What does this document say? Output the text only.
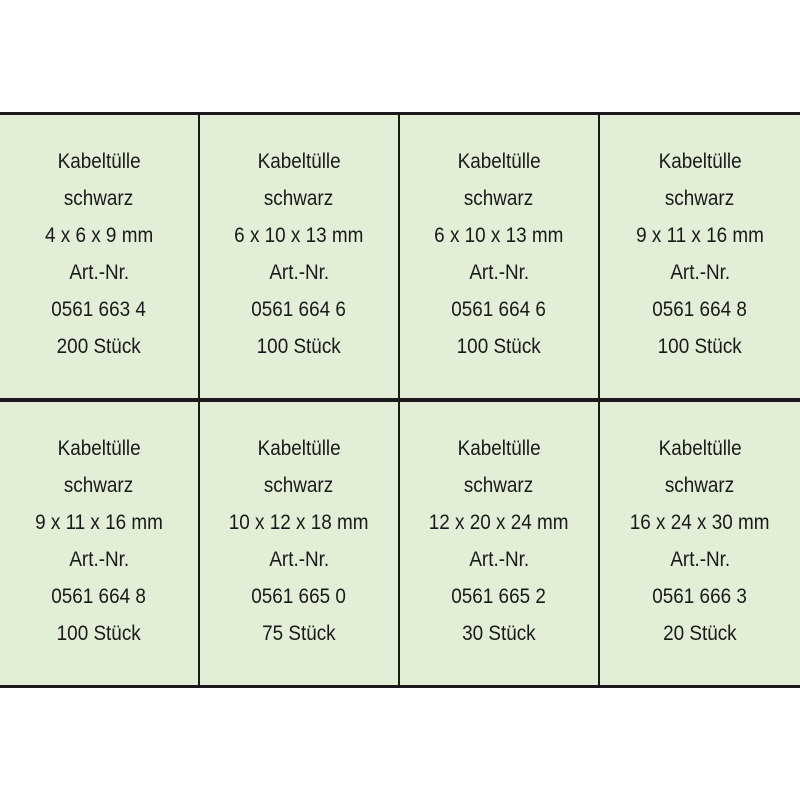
Kabeltülle
schwarz
4 x 6 x 9 mm
Art.-Nr.
0561 663 4
200 Stück
Kabeltülle
schwarz
6 x 10 x 13 mm
Art.-Nr.
0561 664 6
100 Stück
Kabeltülle
schwarz
6 x 10 x 13 mm
Art.-Nr.
0561 664 6
100 Stück
Kabeltülle
schwarz
9 x 11 x 16 mm
Art.-Nr.
0561 664 8
100 Stück
Kabeltülle
schwarz
9 x 11 x 16 mm
Art.-Nr.
0561 664 8
100 Stück
Kabeltülle
schwarz
10 x 12 x 18 mm
Art.-Nr.
0561 665 0
75 Stück
Kabeltülle
schwarz
12 x 20 x 24 mm
Art.-Nr.
0561 665 2
30 Stück
Kabeltülle
schwarz
16 x 24 x 30 mm
Art.-Nr.
0561 666 3
20 Stück
